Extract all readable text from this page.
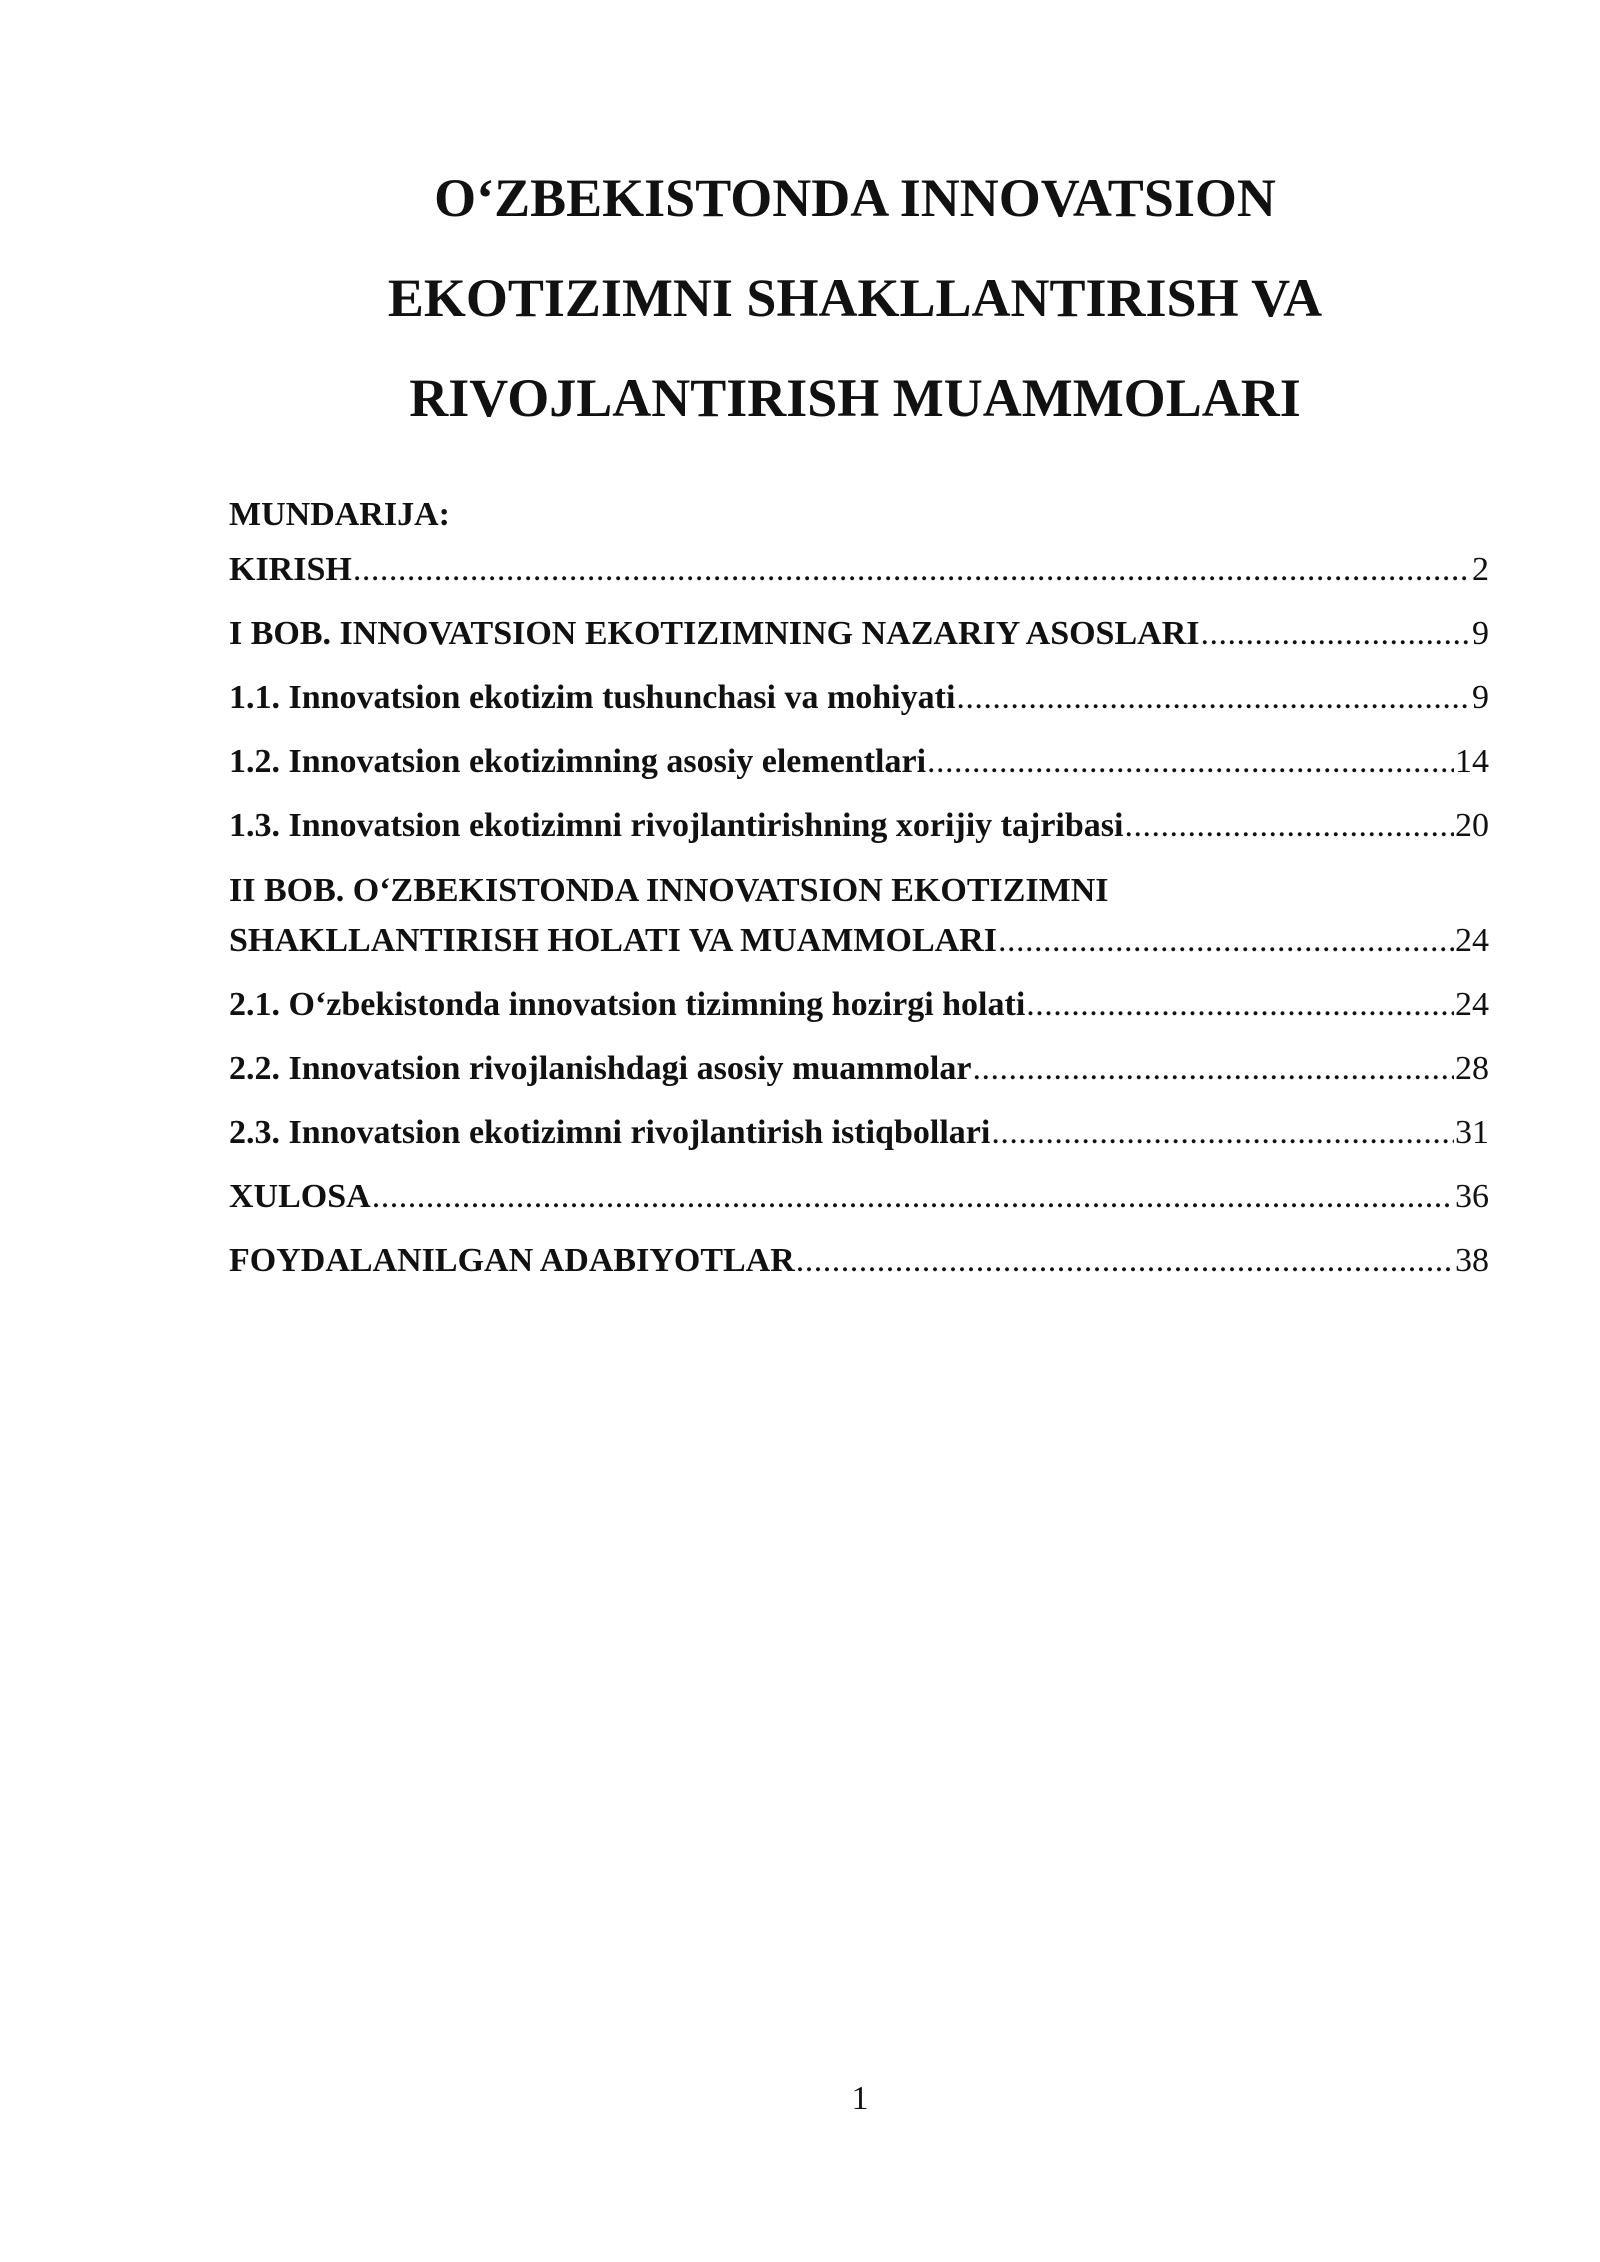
O‘ZBEKISTONDA INNOVATSION
EKOTIZIMNI SHAKLLANTIRISH VA
RIVOJLANTIRISH MUAMMOLARI
MUNDARIJA:
KIRISH .....	2
I BOB. INNOVATSION EKOTIZIMNING NAZARIY ASOSLARI .....	9
1.1. Innovatsion ekotizim tushunchasi va mohiyati .....	9
1.2. Innovatsion ekotizimning asosiy elementlari .....	14
1.3. Innovatsion ekotizimni rivojlantirishning xorijiy tajribasi .....	20
II BOB. O‘ZBEKISTONDA INNOVATSION EKOTIZIMNI
SHAKLLANTIRISH HOLATI VA MUAMMOLARI .....	24
2.1. O‘zbekistonda innovatsion tizimning hozirgi holati .....	24
2.2. Innovatsion rivojlanishdagi asosiy muammolar .....	28
2.3. Innovatsion ekotizimni rivojlantirish istiqbollari .....	31
XULOSA .....	36
FOYDALANILGAN ADABIYOTLAR .....	38
1
